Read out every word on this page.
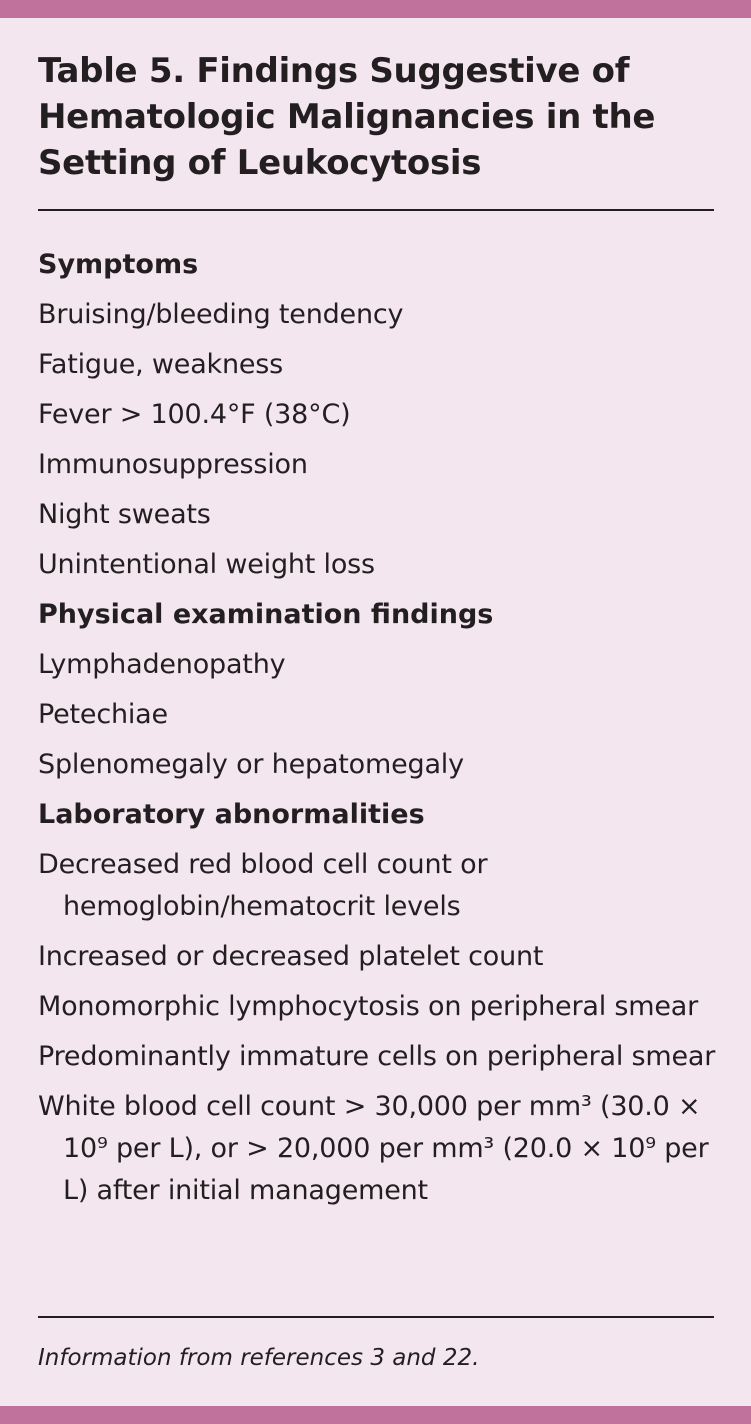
Table 5. Findings Suggestive of Hematologic Malignancies in the Setting of Leukocytosis
Symptoms
Bruising/bleeding tendency
Fatigue, weakness
Fever > 100.4°F (38°C)
Immunosuppression
Night sweats
Unintentional weight loss
Physical examination findings
Lymphadenopathy
Petechiae
Splenomegaly or hepatomegaly
Laboratory abnormalities
Decreased red blood cell count or hemoglobin/hematocrit levels
Increased or decreased platelet count
Monomorphic lymphocytosis on peripheral smear
Predominantly immature cells on peripheral smear
White blood cell count > 30,000 per mm³ (30.0 × 10⁹ per L), or > 20,000 per mm³ (20.0 × 10⁹ per L) after initial management
Information from references 3 and 22.
